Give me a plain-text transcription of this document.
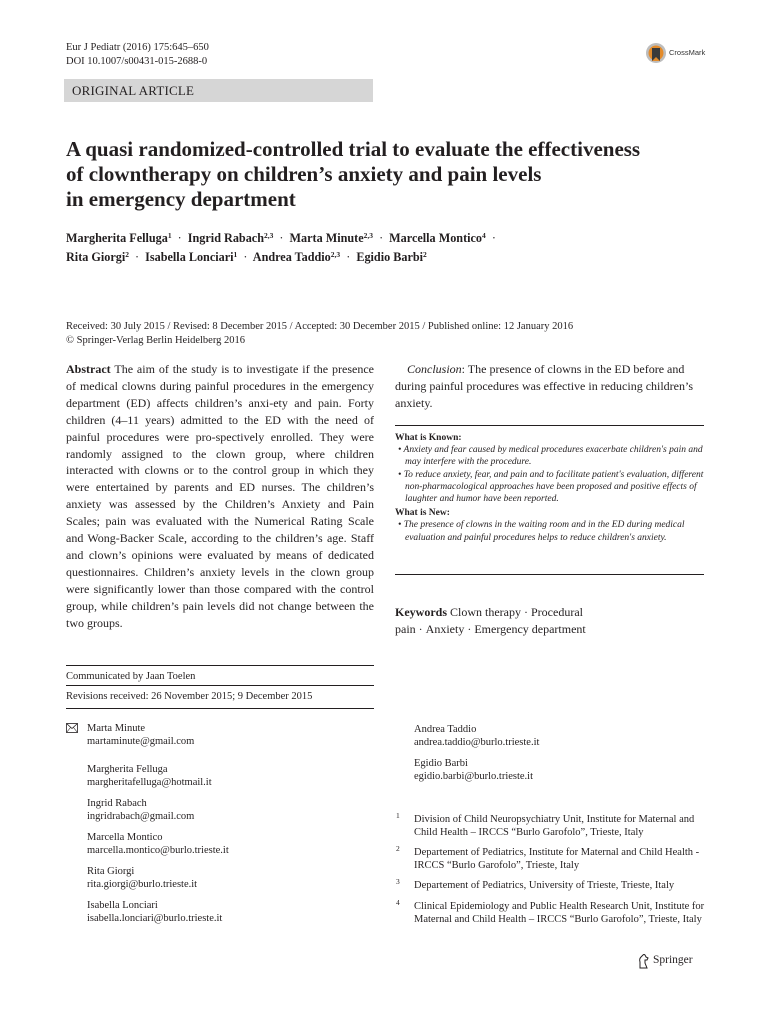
Eur J Pediatr (2016) 175:645–650
DOI 10.1007/s00431-015-2688-0
CrossMark
ORIGINAL ARTICLE
A quasi randomized-controlled trial to evaluate the effectiveness
of clowntherapy on children’s anxiety and pain levels
in emergency department
Margherita Felluga$^1$ · Ingrid Rabach$^{2,3}$ · Marta Minute$^{2,3}$ · Marcella Montico$^4$ ·
Rita Giorgi$^2$ · Isabella Lonciari$^1$ · Andrea Taddio$^{2,3}$ · Egidio Barbi$^2$
Received: 30 July 2015 / Revised: 8 December 2015 / Accepted: 30 December 2015 / Published online: 12 January 2016
© Springer-Verlag Berlin Heidelberg 2016
Abstract The aim of the study is to investigate if the presence of medical clowns during painful procedures in the emergency department (ED) affects children’s anxi-ety and pain. Forty children (4–11 years) admitted to the ED with the need of painful procedures were pro-spectively enrolled. They were randomly assigned to the clown group, where children interacted with clowns or to the control group in which they were entertained by parents and ED nurses. The children’s anxiety was assessed by the Children’s Anxiety and Pain Scales; pain was evaluated with the Numerical Rating Scale and Wong-Backer Scale, according to the children’s age. Staff and clown’s opinions were evaluated by means of dedicated questionnaires. Children’s anxiety levels in the clown group were significantly lower than those compared with the control group, while children’s pain levels did not change between the two groups.
Conclusion: The presence of clowns in the ED before and during painful procedures was effective in reducing children’s anxiety.
What is Known:
• Anxiety and fear caused by medical procedures exacerbate children's pain and may interfere with the procedure.
• To reduce anxiety, fear, and pain and to facilitate patient's evaluation, different non-pharmacological approaches have been proposed and positive effects of laughter and humor have been reported.
What is New:
• The presence of clowns in the waiting room and in the ED during medical evaluation and painful procedures helps to reduce children's anxiety.
Keywords Clown therapy · Procedural pain · Anxiety · Emergency department
Communicated by Jaan Toelen
Revisions received: 26 November 2015; 9 December 2015
Marta Minute
martaminute@gmail.com
Margherita Felluga
margheritafelluga@hotmail.it
Ingrid Rabach
ingridrabach@gmail.com
Marcella Montico
marcella.montico@burlo.trieste.it
Rita Giorgi
rita.giorgi@burlo.trieste.it
Isabella Lonciari
isabella.lonciari@burlo.trieste.it
Andrea Taddio
andrea.taddio@burlo.trieste.it
Egidio Barbi
egidio.barbi@burlo.trieste.it
1 Division of Child Neuropsychiatry Unit, Institute for Maternal and Child Health – IRCCS “Burlo Garofolo”, Trieste, Italy
2 Departement of Pediatrics, Institute for Maternal and Child Health - IRCCS “Burlo Garofolo”, Trieste, Italy
3 Departement of Pediatrics, University of Trieste, Trieste, Italy
4 Clinical Epidemiology and Public Health Research Unit, Institute for Maternal and Child Health – IRCCS “Burlo Garofolo”, Trieste, Italy
Springer
